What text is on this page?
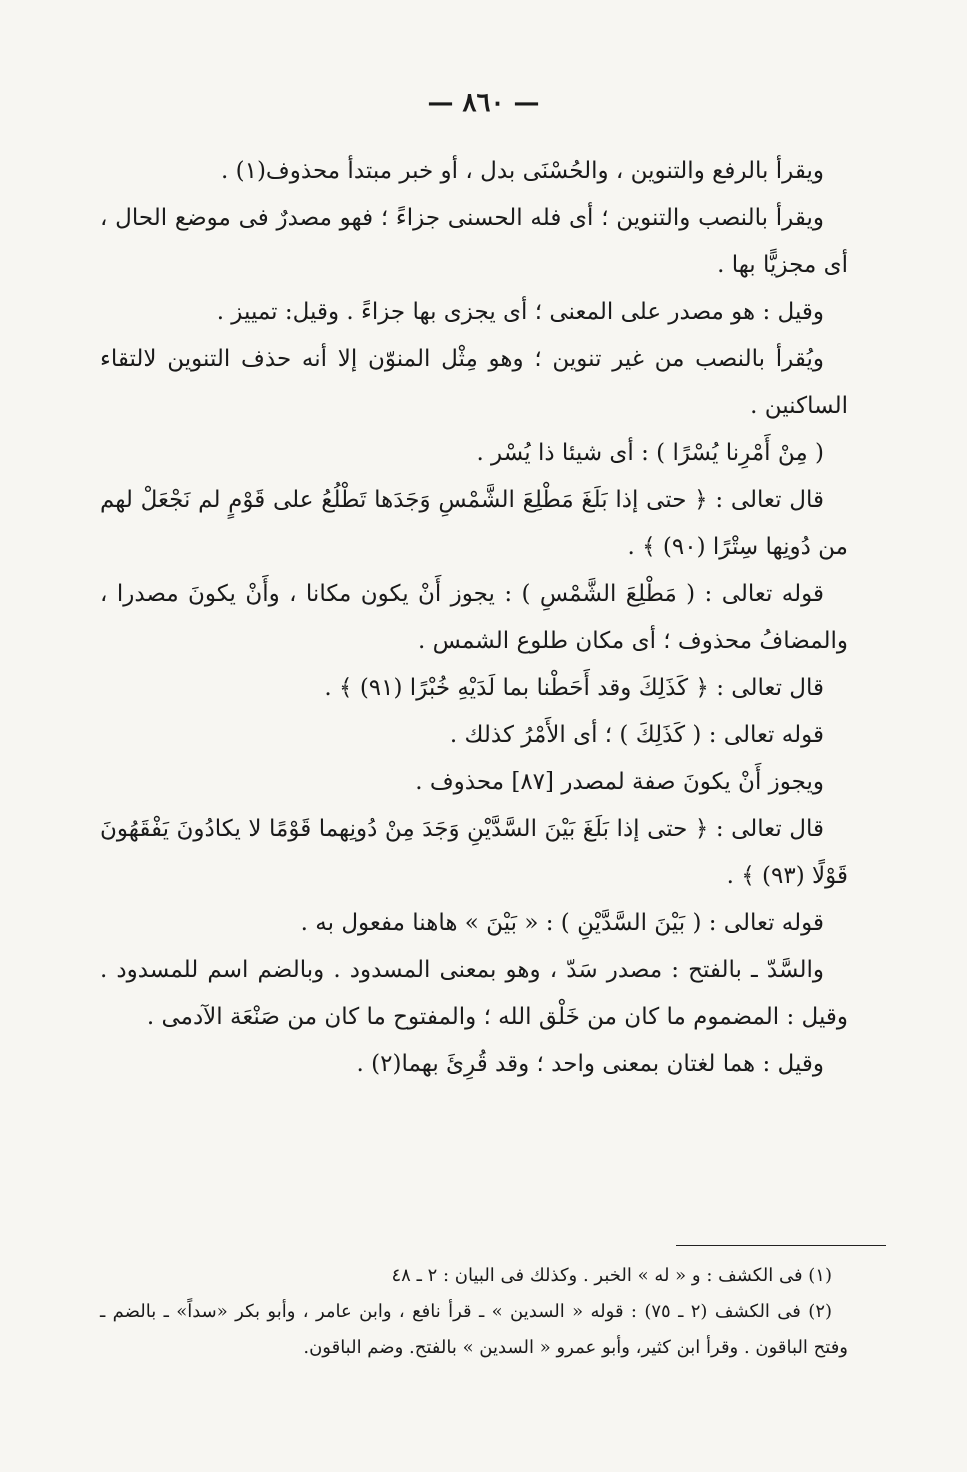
— ٨٦٠ —

ويقرأ بالرفع والتنوين ، والحُسْنَى بدل ، أو خبر مبتدأ محذوف(١) .

ويقرأ بالنصب والتنوين ؛ أى فله الحسنى جزاءً ؛ فهو مصدرٌ فى موضع الحال ، أى مجزيًّا بها .

وقيل : هو مصدر على المعنى ؛ أى يجزى بها جزاءً . وقيل: تمييز .

ويُقرأ بالنصب من غير تنوين ؛ وهو مِثْل المنوّن إلا أنه حذف التنوين لالتقاء الساكنين .

( مِنْ أَمْرِنا يُسْرًا ) : أى شيئا ذا يُسْر .

قال تعالى : ﴿ حتى إذا بَلَغَ مَطْلِعَ الشَّمْسِ وَجَدَها تَطْلُعُ على قَوْمٍ لم نَجْعَلْ لهم من دُونِها سِتْرًا (٩٠) ﴾ .

قوله تعالى : ( مَطْلِعَ الشَّمْسِ ) : يجوز أَنْ يكون مكانا ، وأَنْ يكونَ مصدرا ، والمضافُ محذوف ؛ أى مكان طلوع الشمس .

قال تعالى : ﴿ كَذَلِكَ وقد أَحَطْنا بما لَدَيْهِ خُبْرًا (٩١) ﴾ .

قوله تعالى : ( كَذَلِكَ ) ؛ أى الأَمْرُ كذلك .

ويجوز أَنْ يكونَ صفة لمصدر [٨٧] محذوف .

قال تعالى : ﴿ حتى إذا بَلَغَ بَيْنَ السَّدَّيْنِ وَجَدَ مِنْ دُونِهما قَوْمًا لا يكادُونَ يَفْقَهُونَ قَوْلًا (٩٣) ﴾ .

قوله تعالى : ( بَيْنَ السَّدَّيْنِ ) : « بَيْنَ » هاهنا مفعول به .

والسَّدّ ـ بالفتح : مصدر سَدّ ، وهو بمعنى المسدود . وبالضم اسم للمسدود . وقيل : المضموم ما كان من خَلْق الله ؛ والمفتوح ما كان من صَنْعَة الآدمى .

وقيل : هما لغتان بمعنى واحد ؛ وقد قُرِئَ بهما(٢) .

(١) فى الكشف : و « له » الخبر . وكذلك فى البيان : ٢ ـ ٤٨

(٢) فى الكشف (٢ ـ ٧٥) : قوله « السدين » ـ قرأ نافع ، وابن عامر ، وأبو بكر «سداً» ـ بالضم ـ وفتح الباقون . وقرأ ابن كثير، وأبو عمرو « السدين » بالفتح. وضم الباقون.
